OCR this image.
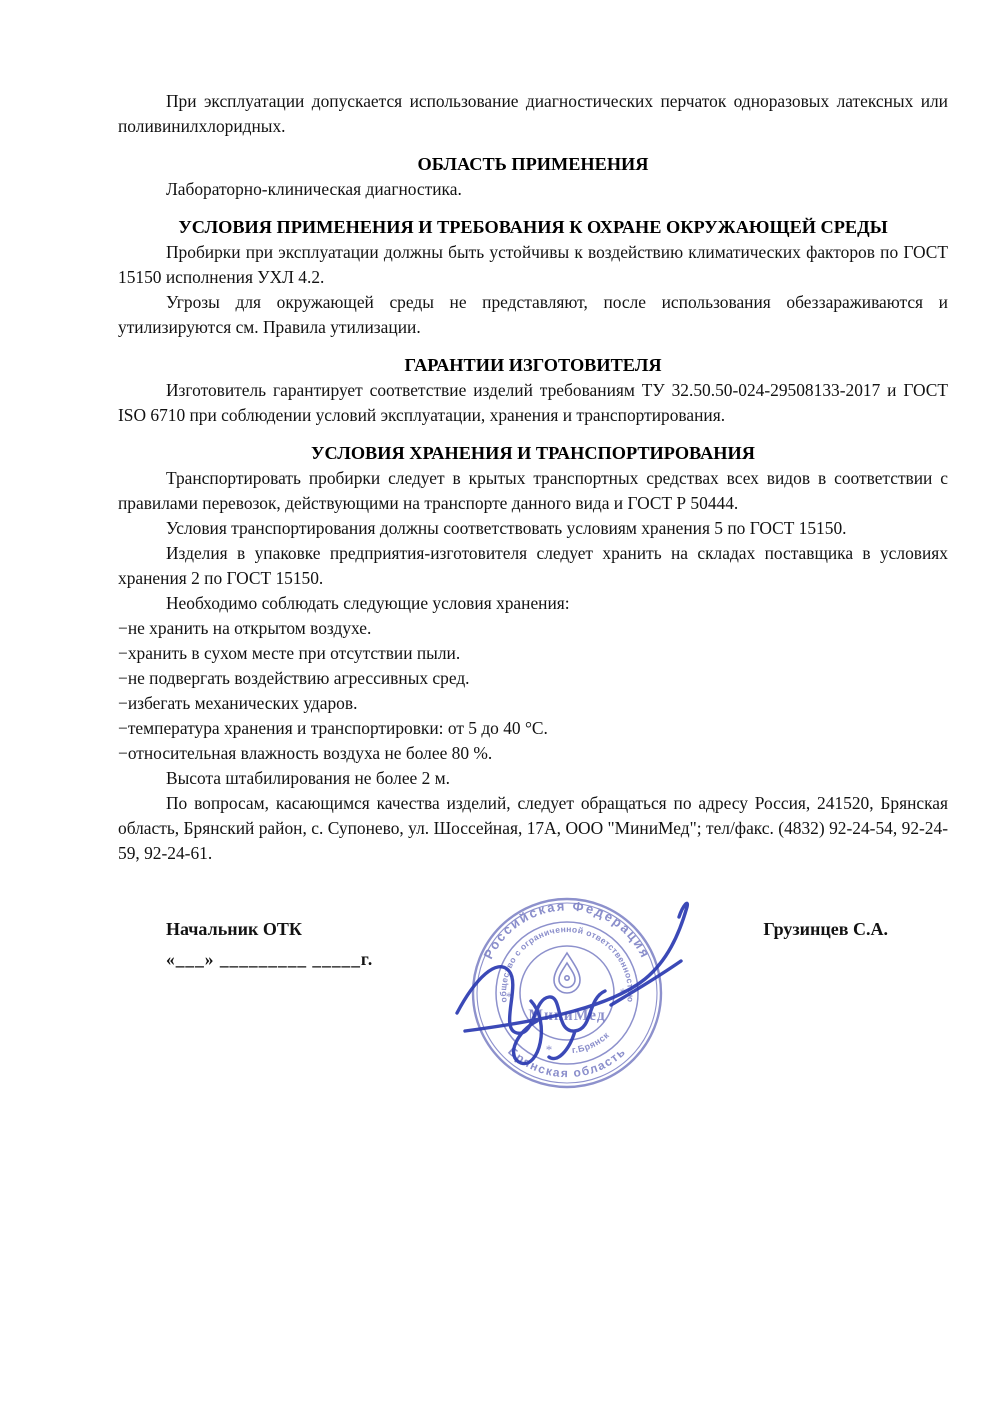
При эксплуатации допускается использование диагностических перчаток одноразовых латексных или поливинилхлоридных.

ОБЛАСТЬ ПРИМЕНЕНИЯ

Лабораторно-клиническая диагностика.

УСЛОВИЯ ПРИМЕНЕНИЯ И ТРЕБОВАНИЯ К ОХРАНЕ ОКРУЖАЮЩЕЙ СРЕДЫ

Пробирки при эксплуатации должны быть устойчивы к воздействию климатических факторов по ГОСТ 15150 исполнения УХЛ 4.2.

Угрозы для окружающей среды не представляют, после использования обеззараживаются и утилизируются см. Правила утилизации.

ГАРАНТИИ ИЗГОТОВИТЕЛЯ

Изготовитель гарантирует соответствие изделий требованиям ТУ 32.50.50-024-29508133-2017 и ГОСТ ISO 6710 при соблюдении условий эксплуатации, хранения и транспортирования.

УСЛОВИЯ ХРАНЕНИЯ И ТРАНСПОРТИРОВАНИЯ

Транспортировать пробирки следует в крытых транспортных средствах всех видов в соответствии с правилами перевозок, действующими на транспорте данного вида и ГОСТ Р 50444.

Условия транспортирования должны соответствовать условиям хранения 5 по ГОСТ 15150.

Изделия в упаковке предприятия-изготовителя следует хранить на складах поставщика в условиях хранения 2 по ГОСТ 15150.

Необходимо соблюдать следующие условия хранения:

−не хранить на открытом воздухе.

−хранить в сухом месте при отсутствии пыли.

−не подвергать воздействию агрессивных сред.

−избегать механических ударов.

−температура хранения и транспортировки: от 5 до 40 °С.

−относительная влажность воздуха не более 80 %.

Высота штабилирования не более 2 м.

По вопросам, касающимся качества изделий, следует обращаться по адресу Россия, 241520, Брянская область, Брянский район, с. Супонево, ул. Шоссейная, 17А, ООО "МиниМед"; тел/факс. (4832) 92-24-54, 92-24-59, 92-24-61.

Начальник ОТК
«___» _________ _____г.
Грузинцев С.А.
Российская Федерация
Брянская область
общество с ограниченной ответственностью
г.Брянск
*	*
*
МиниМед
